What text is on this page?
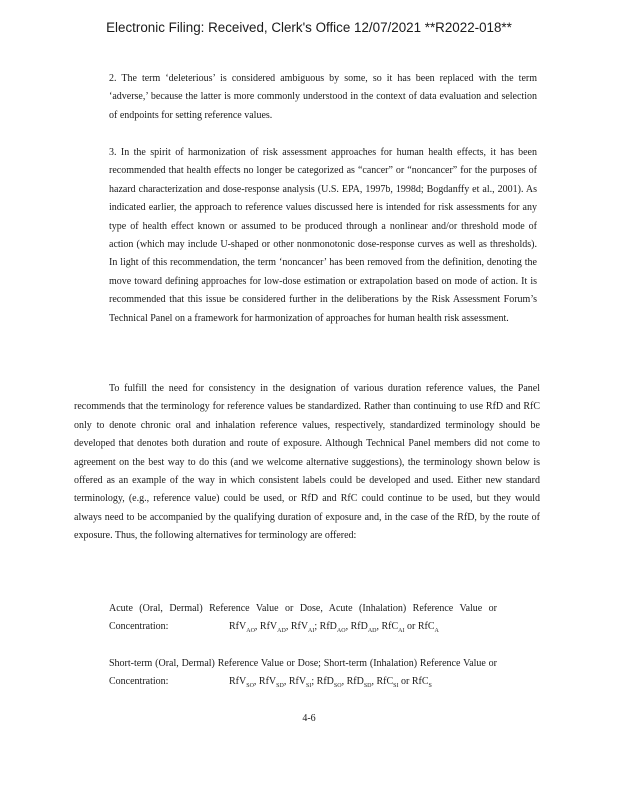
Electronic Filing: Received, Clerk's Office 12/07/2021 **R2022-018**

2. The term ‘deleterious’ is considered ambiguous by some, so it has been replaced with the term ‘adverse,’ because the latter is more commonly understood in the context of data evaluation and selection of endpoints for setting reference values.

3. In the spirit of harmonization of risk assessment approaches for human health effects, it has been recommended that health effects no longer be categorized as “cancer” or “noncancer” for the purposes of hazard characterization and dose-response analysis (U.S. EPA, 1997b, 1998d; Bogdanffy et al., 2001). As indicated earlier, the approach to reference values discussed here is intended for risk assessments for any type of health effect known or assumed to be produced through a nonlinear and/or threshold mode of action (which may include U-shaped or other nonmonotonic dose-response curves as well as thresholds). In light of this recommendation, the term ‘noncancer’ has been removed from the definition, denoting the move toward defining approaches for low-dose estimation or extrapolation based on mode of action. It is recommended that this issue be considered further in the deliberations by the Risk Assessment Forum’s Technical Panel on a framework for harmonization of approaches for human health risk assessment.

To fulfill the need for consistency in the designation of various duration reference values, the Panel recommends that the terminology for reference values be standardized. Rather than continuing to use RfD and RfC only to denote chronic oral and inhalation reference values, respectively, standardized terminology should be developed that denotes both duration and route of exposure. Although Technical Panel members did not come to agreement on the best way to do this (and we welcome alternative suggestions), the terminology shown below is offered as an example of the way in which consistent labels could be developed and used. Either new standard terminology, (e.g., reference value) could be used, or RfD and RfC could continue to be used, but they would always need to be accompanied by the qualifying duration of exposure and, in the case of the RfD, by the route of exposure. Thus, the following alternatives for terminology are offered:

Acute (Oral, Dermal) Reference Value or Dose, Acute (Inhalation) Reference Value or Concentration:	RfV$_{AO}$, RfV$_{AD}$, RfV$_{AI}$; RfD$_{AO}$, RfD$_{AD}$, RfC$_{AI}$ or RfC$_A$

Short-term (Oral, Dermal) Reference Value or Dose; Short-term (Inhalation) Reference Value or Concentration:	RfV$_{SO}$, RfV$_{SD}$, RfV$_{SI}$; RfD$_{SO}$, RfD$_{SD}$, RfC$_{SI}$ or RfC$_S$

4-6
